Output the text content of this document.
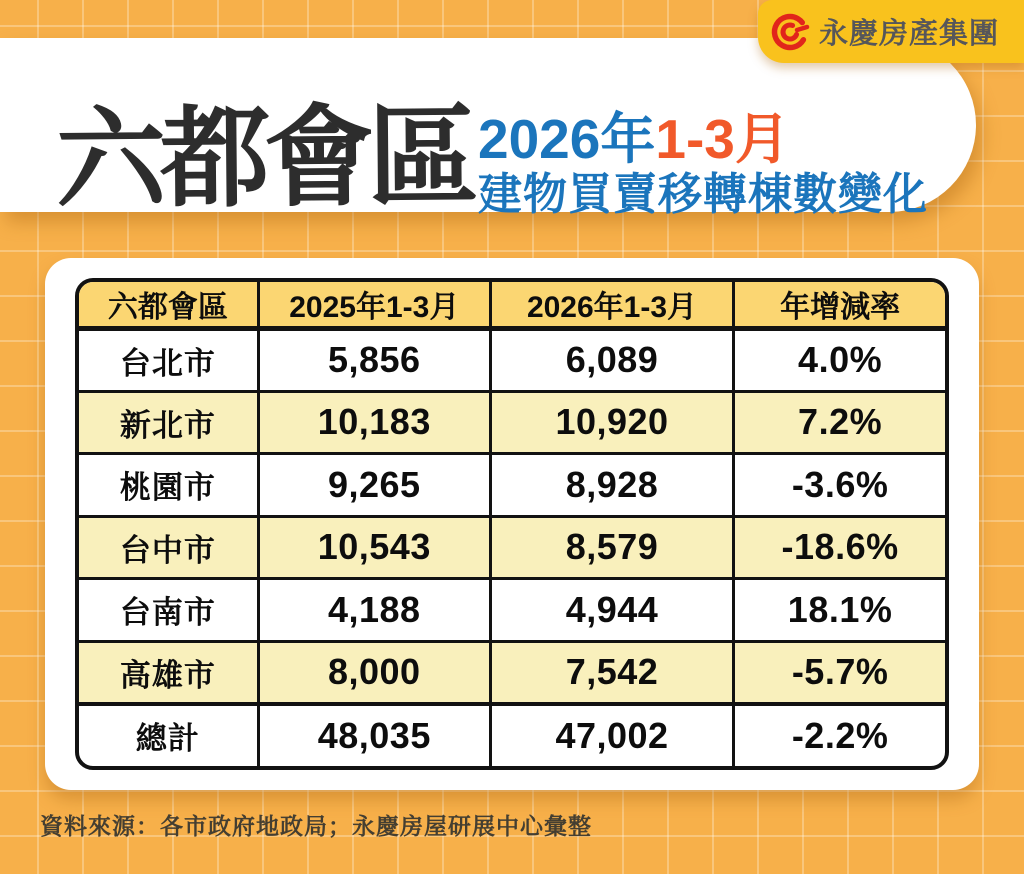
六都會區 2026年1-3月
建物買賣移轉棟數變化
永慶房產集團
六都會區	2025年1-3月	2026年1-3月	年增減率
台北市	5,856	6,089	4.0%
新北市	10,183	10,920	7.2%
桃園市	9,265	8,928	-3.6%
台中市	10,543	8,579	-18.6%
台南市	4,188	4,944	18.1%
高雄市	8,000	7,542	-5.7%
總計	48,035	47,002	-2.2%
資料來源：各市政府地政局；永慶房屋研展中心彙整
